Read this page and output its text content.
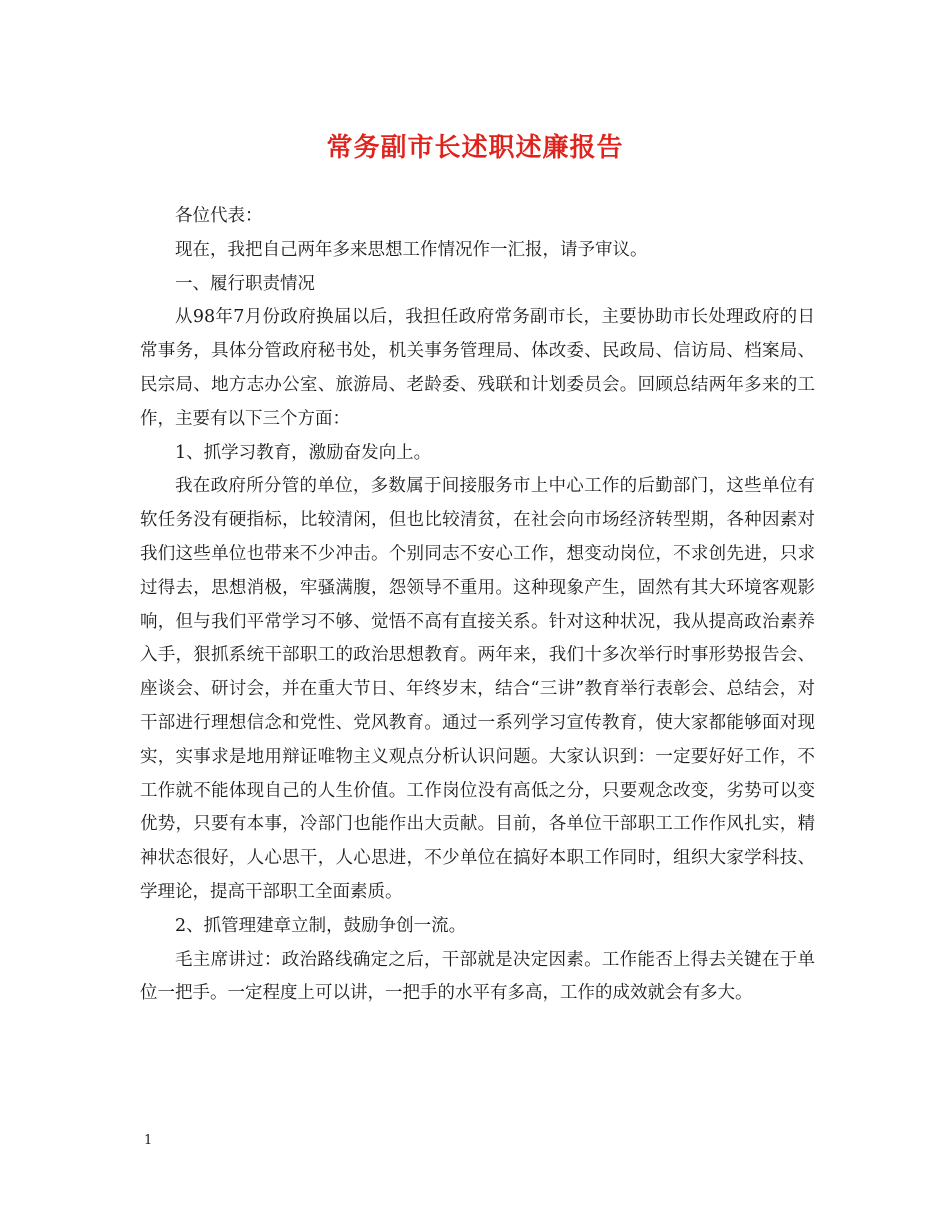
常务副市长述职述廉报告

各位代表：

现在，我把自己两年多来思想工作情况作一汇报，请予审议。

一、履行职责情况

从98年7月份政府换届以后，我担任政府常务副市长，主要协助市长处理政府的日常事务，具体分管政府秘书处，机关事务管理局、体改委、民政局、信访局、档案局、民宗局、地方志办公室、旅游局、老龄委、残联和计划委员会。回顾总结两年多来的工作，主要有以下三个方面：

1、抓学习教育，激励奋发向上。

我在政府所分管的单位，多数属于间接服务市上中心工作的后勤部门，这些单位有软任务没有硬指标，比较清闲，但也比较清贫，在社会向市场经济转型期，各种因素对我们这些单位也带来不少冲击。个别同志不安心工作，想变动岗位，不求创先进，只求过得去，思想消极，牢骚满腹，怨领导不重用。这种现象产生，固然有其大环境客观影响，但与我们平常学习不够、觉悟不高有直接关系。针对这种状况，我从提高政治素养入手，狠抓系统干部职工的政治思想教育。两年来，我们十多次举行时事形势报告会、座谈会、研讨会，并在重大节日、年终岁末，结合“三讲”教育举行表彰会、总结会，对干部进行理想信念和党性、党风教育。通过一系列学习宣传教育，使大家都能够面对现实，实事求是地用辩证唯物主义观点分析认识问题。大家认识到：一定要好好工作，不工作就不能体现自己的人生价值。工作岗位没有高低之分，只要观念改变，劣势可以变优势，只要有本事，冷部门也能作出大贡献。目前，各单位干部职工工作作风扎实，精神状态很好，人心思干，人心思进，不少单位在搞好本职工作同时，组织大家学科技、学理论，提高干部职工全面素质。

2、抓管理建章立制，鼓励争创一流。

毛主席讲过：政治路线确定之后，干部就是决定因素。工作能否上得去关键在于单位一把手。一定程度上可以讲，一把手的水平有多高，工作的成效就会有多大。

1
